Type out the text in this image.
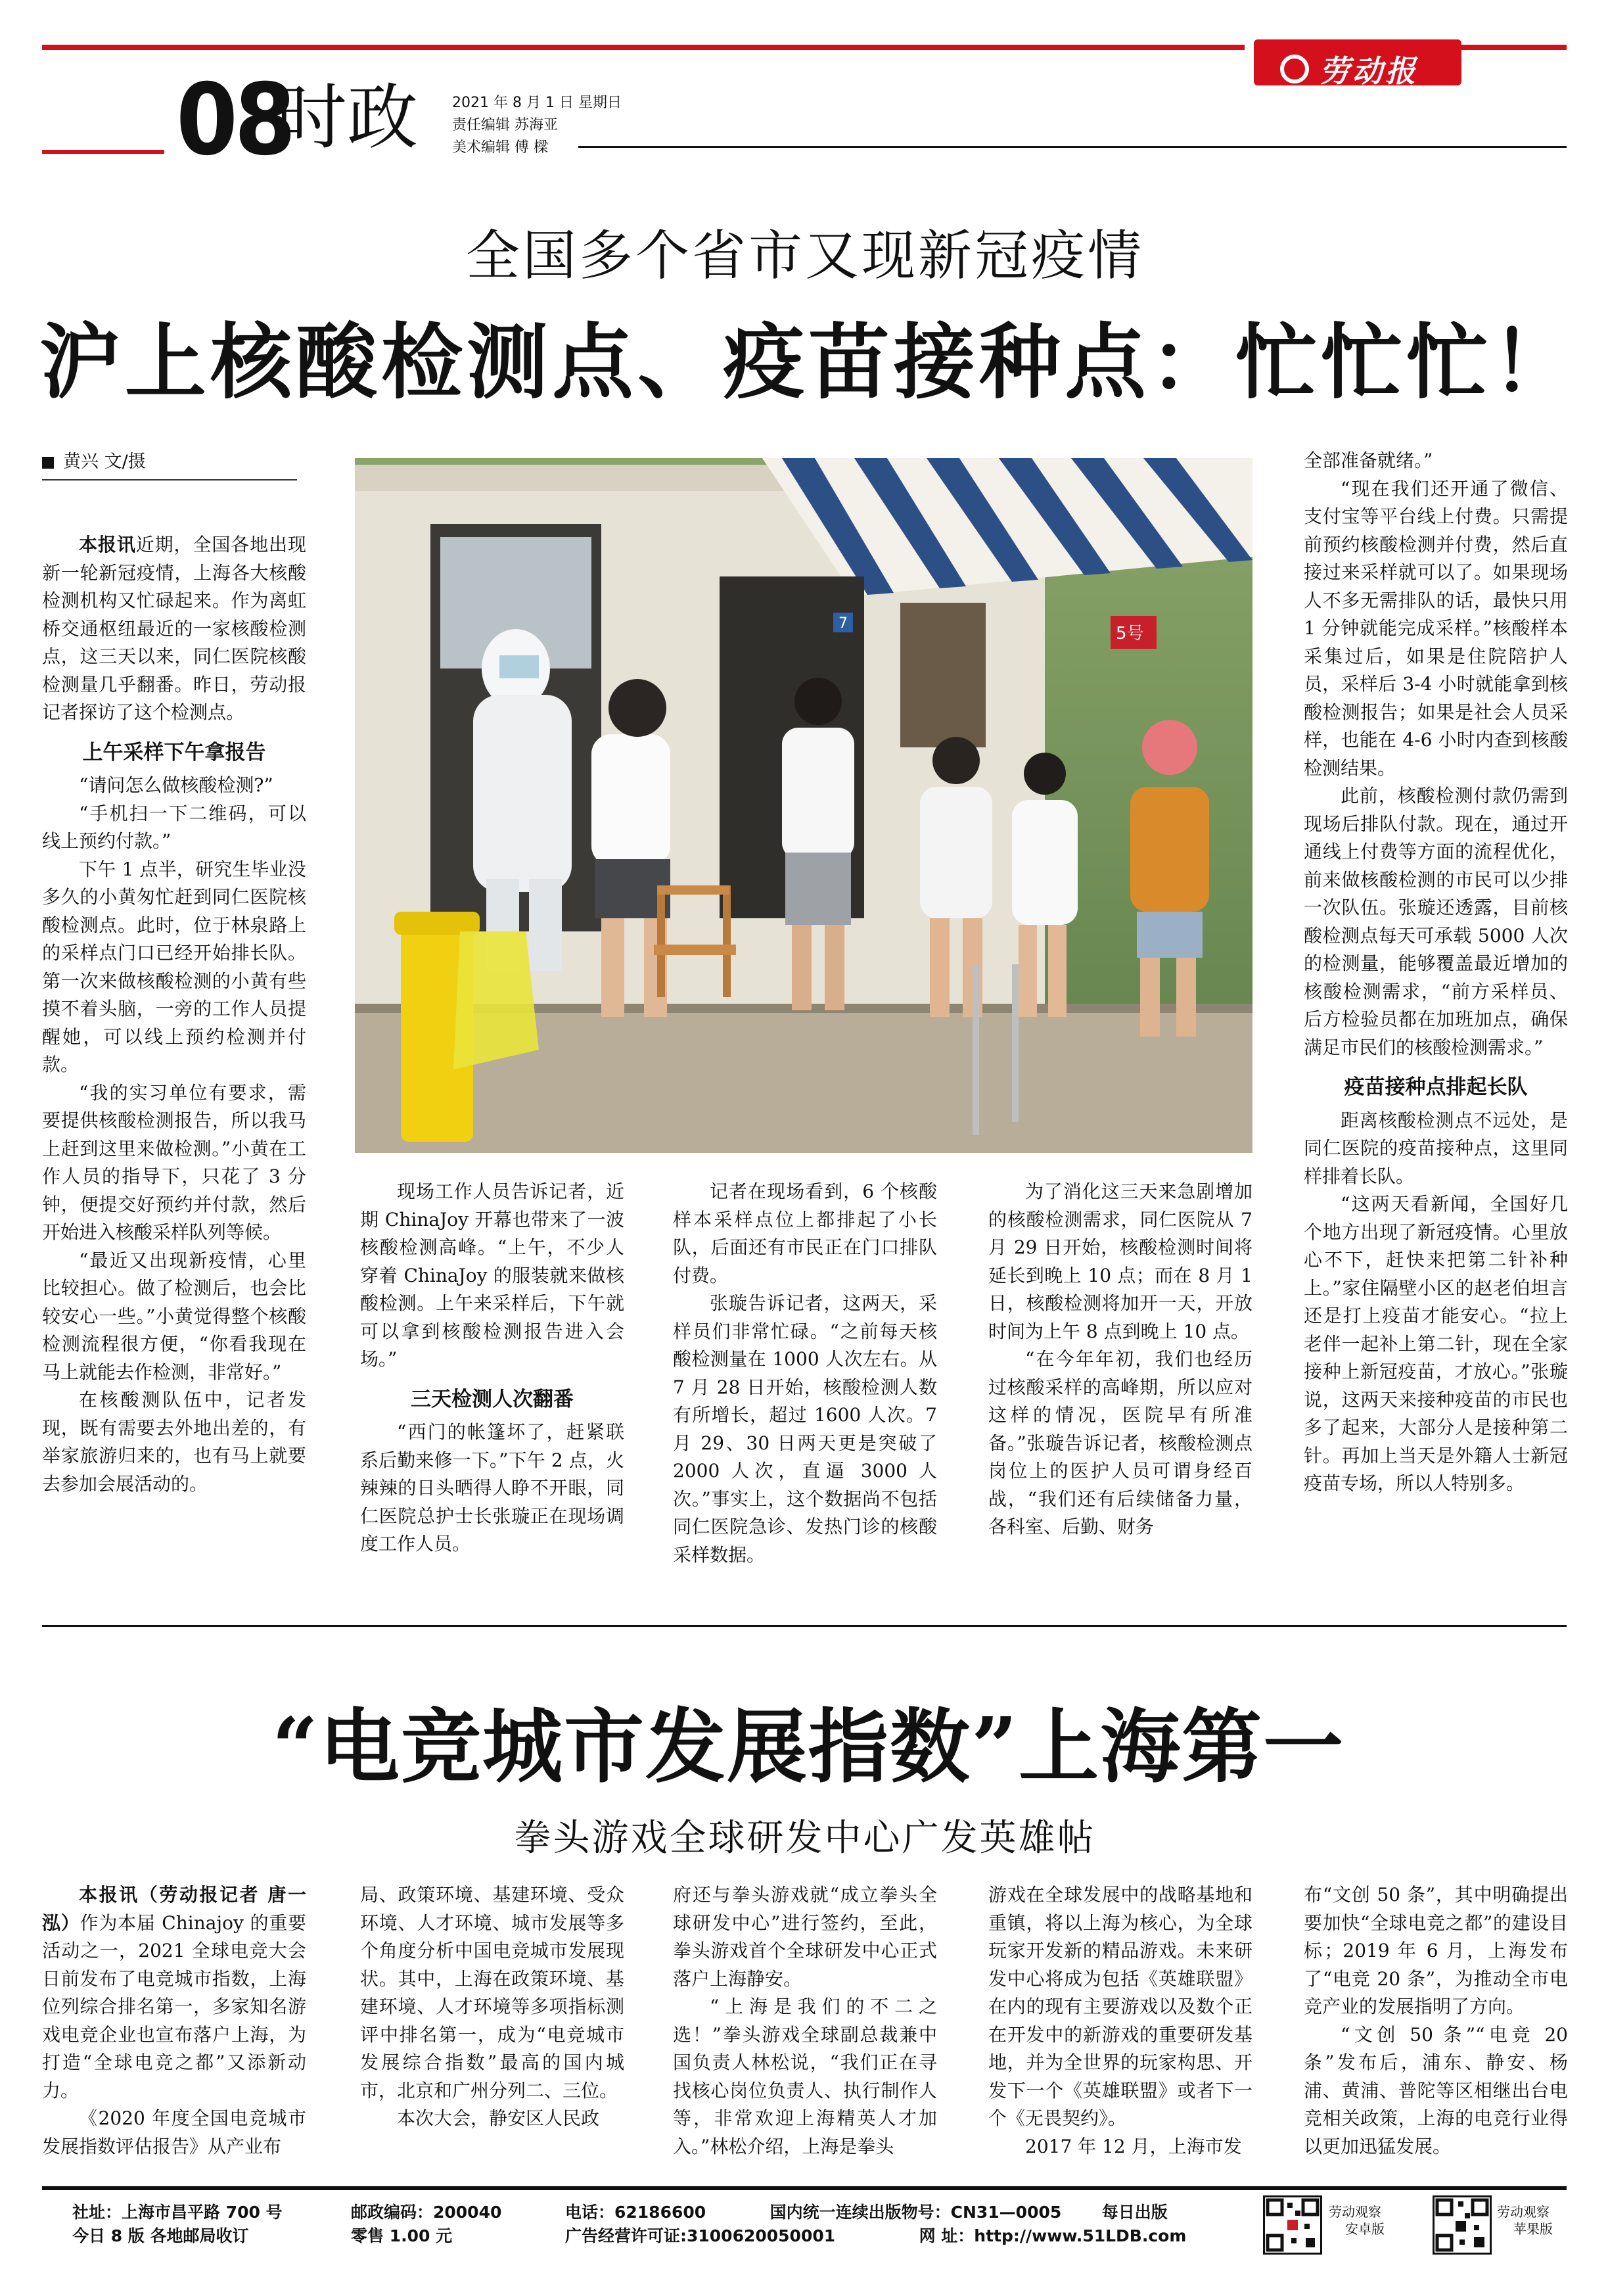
劳动报
08
时政 2021 年 8 月 1 日 星期日
责任编辑 苏海亚
美术编辑 傅 樑
全国多个省市又现新冠疫情
沪上核酸检测点、疫苗接种点：忙忙忙！
黄兴 文/摄
7
5号

本报讯近期，全国各地出现新一轮新冠疫情，上海各大核酸检测机构又忙碌起来。作为离虹桥交通枢纽最近的一家核酸检测点，这三天以来，同仁医院核酸检测量几乎翻番。昨日，劳动报记者探访了这个检测点。

上午采样下午拿报告

“请问怎么做核酸检测?”

“手机扫一下二维码，可以线上预约付款。”

下午 1 点半，研究生毕业没多久的小黄匆忙赶到同仁医院核酸检测点。此时，位于林泉路上的采样点门口已经开始排长队。第一次来做核酸检测的小黄有些摸不着头脑，一旁的工作人员提醒她，可以线上预约检测并付款。

“我的实习单位有要求，需要提供核酸检测报告，所以我马上赶到这里来做检测。”小黄在工作人员的指导下，只花了 3 分钟，便提交好预约并付款，然后开始进入核酸采样队列等候。

“最近又出现新疫情，心里比较担心。做了检测后，也会比较安心一些。”小黄觉得整个核酸检测流程很方便，“你看我现在马上就能去作检测，非常好。”

在核酸测队伍中，记者发现，既有需要去外地出差的，有举家旅游归来的，也有马上就要去参加会展活动的。

现场工作人员告诉记者，近期 ChinaJoy 开幕也带来了一波核酸检测高峰。“上午，不少人穿着 ChinaJoy 的服装就来做核酸检测。上午来采样后，下午就可以拿到核酸检测报告进入会场。”

三天检测人次翻番

“西门的帐篷坏了，赶紧联系后勤来修一下。”下午 2 点，火辣辣的日头晒得人睁不开眼，同仁医院总护士长张璇正在现场调度工作人员。

记者在现场看到，6 个核酸样本采样点位上都排起了小长队，后面还有市民正在门口排队付费。

张璇告诉记者，这两天，采样员们非常忙碌。“之前每天核酸检测量在 1000 人次左右。从 7 月 28 日开始，核酸检测人数有所增长，超过 1600 人次。7 月 29、30 日两天更是突破了 2000 人次，直逼 3000 人次。”事实上，这个数据尚不包括同仁医院急诊、发热门诊的核酸采样数据。

为了消化这三天来急剧增加的核酸检测需求，同仁医院从 7 月 29 日开始，核酸检测时间将延长到晚上 10 点；而在 8 月 1 日，核酸检测将加开一天，开放时间为上午 8 点到晚上 10 点。

“在今年年初，我们也经历过核酸采样的高峰期，所以应对这样的情况，医院早有所准备。”张璇告诉记者，核酸检测点岗位上的医护人员可谓身经百战，“我们还有后续储备力量，各科室、后勤、财务

全部准备就绪。”

“现在我们还开通了微信、支付宝等平台线上付费。只需提前预约核酸检测并付费，然后直接过来采样就可以了。如果现场人不多无需排队的话，最快只用 1 分钟就能完成采样。”核酸样本采集过后，如果是住院陪护人员，采样后 3-4 小时就能拿到核酸检测报告；如果是社会人员采样，也能在 4-6 小时内查到核酸检测结果。

此前，核酸检测付款仍需到现场后排队付款。现在，通过开通线上付费等方面的流程优化，前来做核酸检测的市民可以少排一次队伍。张璇还透露，目前核酸检测点每天可承载 5000 人次的检测量，能够覆盖最近增加的核酸检测需求，“前方采样员、后方检验员都在加班加点，确保满足市民们的核酸检测需求。”

疫苗接种点排起长队

距离核酸检测点不远处，是同仁医院的疫苗接种点，这里同样排着长队。

“这两天看新闻，全国好几个地方出现了新冠疫情。心里放心不下，赶快来把第二针补种上。”家住隔壁小区的赵老伯坦言还是打上疫苗才能安心。“拉上老伴一起补上第二针，现在全家接种上新冠疫苗，才放心。”张璇说，这两天来接种疫苗的市民也多了起来，大部分人是接种第二针。再加上当天是外籍人士新冠疫苗专场，所以人特别多。

“电竞城市发展指数”上海第一
拳头游戏全球研发中心广发英雄帖

本报讯（劳动报记者 唐一泓）作为本届 Chinajoy 的重要活动之一，2021 全球电竞大会日前发布了电竞城市指数，上海位列综合排名第一，多家知名游戏电竞企业也宣布落户上海，为打造“全球电竞之都”又添新动力。

《2020 年度全国电竞城市发展指数评估报告》从产业布

局、政策环境、基建环境、受众环境、人才环境、城市发展等多个角度分析中国电竞城市发展现状。其中，上海在政策环境、基建环境、人才环境等多项指标测评中排名第一，成为“电竞城市发展综合指数”最高的国内城市，北京和广州分列二、三位。

本次大会，静安区人民政

府还与拳头游戏就“成立拳头全球研发中心”进行签约，至此，拳头游戏首个全球研发中心正式落户上海静安。

“上海是我们的不二之选！”拳头游戏全球副总裁兼中国负责人林松说，“我们正在寻找核心岗位负责人、执行制作人等，非常欢迎上海精英人才加入。”林松介绍，上海是拳头

游戏在全球发展中的战略基地和重镇，将以上海为核心，为全球玩家开发新的精品游戏。未来研发中心将成为包括《英雄联盟》在内的现有主要游戏以及数个正在开发中的新游戏的重要研发基地，并为全世界的玩家构思、开发下一个《英雄联盟》或者下一个《无畏契约》。

2017 年 12 月，上海市发

布“文创 50 条”，其中明确提出要加快“全球电竞之都”的建设目标；2019 年 6 月，上海发布了“电竞 20 条”，为推动全市电竞产业的发展指明了方向。

“文创 50 条”“电竞 20 条”发布后，浦东、静安、杨浦、黄浦、普陀等区相继出台电竞相关政策，上海的电竞行业得以更加迅猛发展。

社址：上海市昌平路 700 号
今日 8 版 各地邮局收订
邮政编码：200040
零售 1.00 元
电话：62186600	国内统一连续出版物号：CN31—0005 每日出版
广告经营许可证:3100620050001	网 址：http://www.51LDB.com
劳动观察
安卓版
劳动观察
苹果版
